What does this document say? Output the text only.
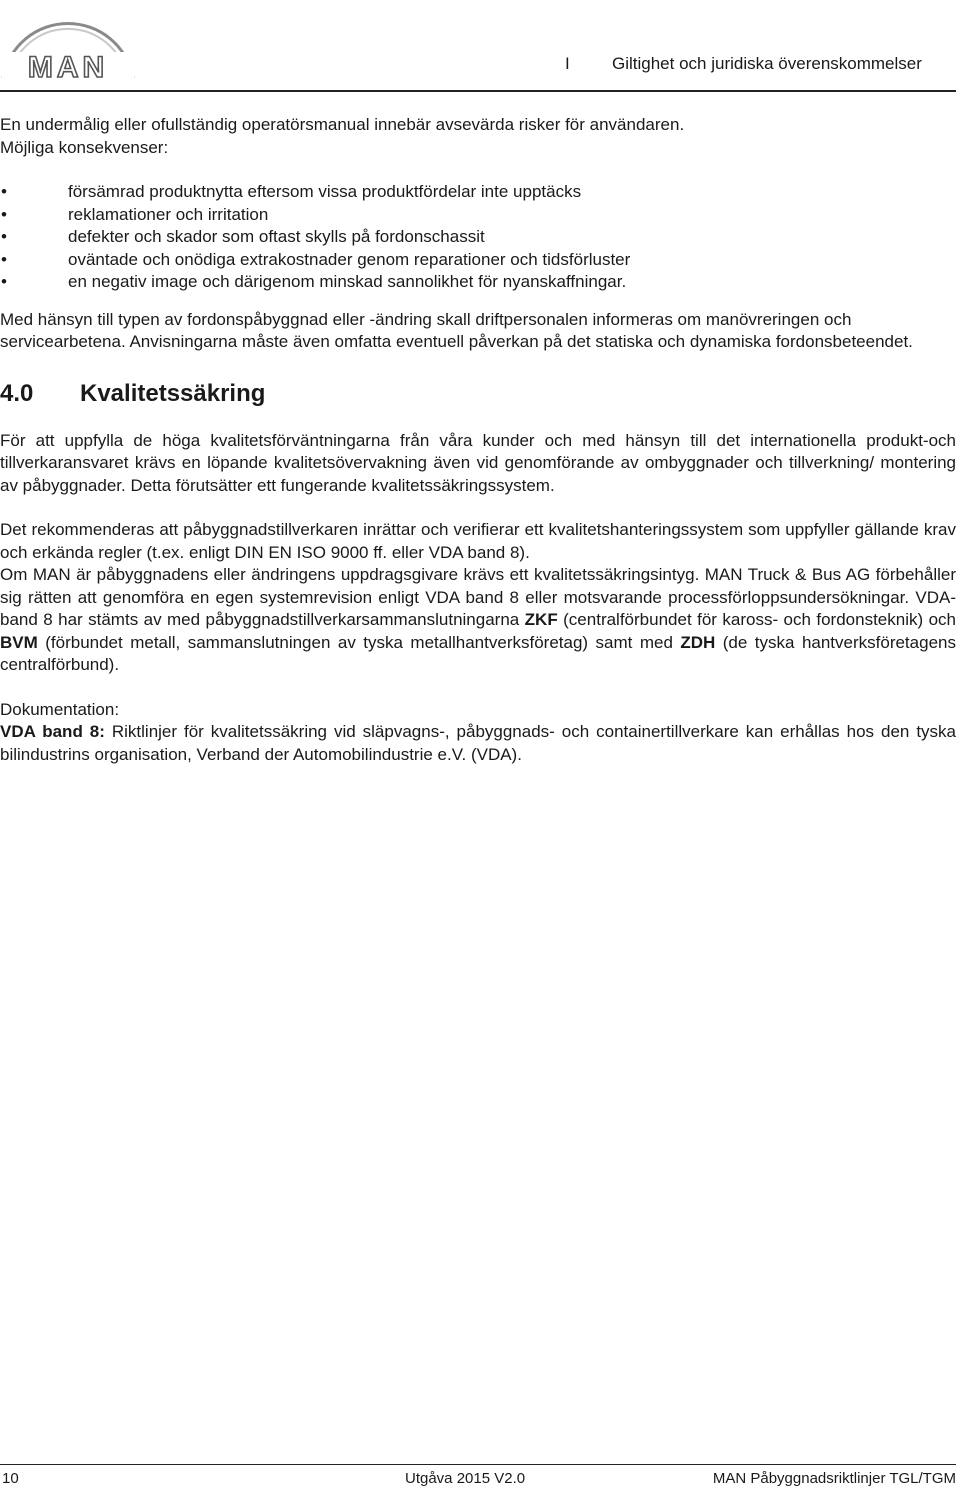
MAN	I Giltighet och juridiska överenskommelser

En undermålig eller ofullständig operatörsmanual innebär avsevärda risker för användaren.
Möjliga konsekvenser:

•	försämrad produktnytta eftersom vissa produktfördelar inte upptäcks
•	reklamationer och irritation
•	defekter och skador som oftast skylls på fordonschassit
•	oväntade och onödiga extrakostnader genom reparationer och tidsförluster
•	en negativ image och därigenom minskad sannolikhet för nyanskaffningar.

Med hänsyn till typen av fordonspåbyggnad eller -ändring skall driftpersonalen informeras om manövreringen och servicearbetena. Anvisningarna måste även omfatta eventuell påverkan på det statiska och dynamiska fordonsbeteendet.

4.0	Kvalitetssäkring

För att uppfylla de höga kvalitetsförväntningarna från våra kunder och med hänsyn till det internationella produkt-och tillverkaransvaret krävs en löpande kvalitetsövervakning även vid genomförande av ombyggnader och tillverkning/ montering av påbyggnader. Detta förutsätter ett fungerande kvalitetssäkringssystem.

Det rekommenderas att påbyggnadstillverkaren inrättar och verifierar ett kvalitetshanteringssystem som uppfyller gällande krav och erkända regler (t.ex. enligt DIN EN ISO 9000 ff. eller VDA band 8).

Om MAN är påbyggnadens eller ändringens uppdragsgivare krävs ett kvalitetssäkringsintyg. MAN Truck & Bus AG förbehåller sig rätten att genomföra en egen systemrevision enligt VDA band 8 eller motsvarande processförloppsundersökningar. VDA-band 8 har stämts av med påbyggnadstillverkarsammanslutningarna ZKF (centralförbundet för kaross- och fordonsteknik) och BVM (förbundet metall, sammanslutningen av tyska metallhantverksföretag) samt med ZDH (de tyska hantverksföretagens centralförbund).

Dokumentation:

VDA band 8: Riktlinjer för kvalitetssäkring vid släpvagns-, påbyggnads- och containertillverkare kan erhållas hos den tyska bilindustrins organisation, Verband der Automobilindustrie e.V. (VDA).

10	Utgåva 2015 V2.0	MAN Påbyggnadsriktlinjer TGL/TGM
